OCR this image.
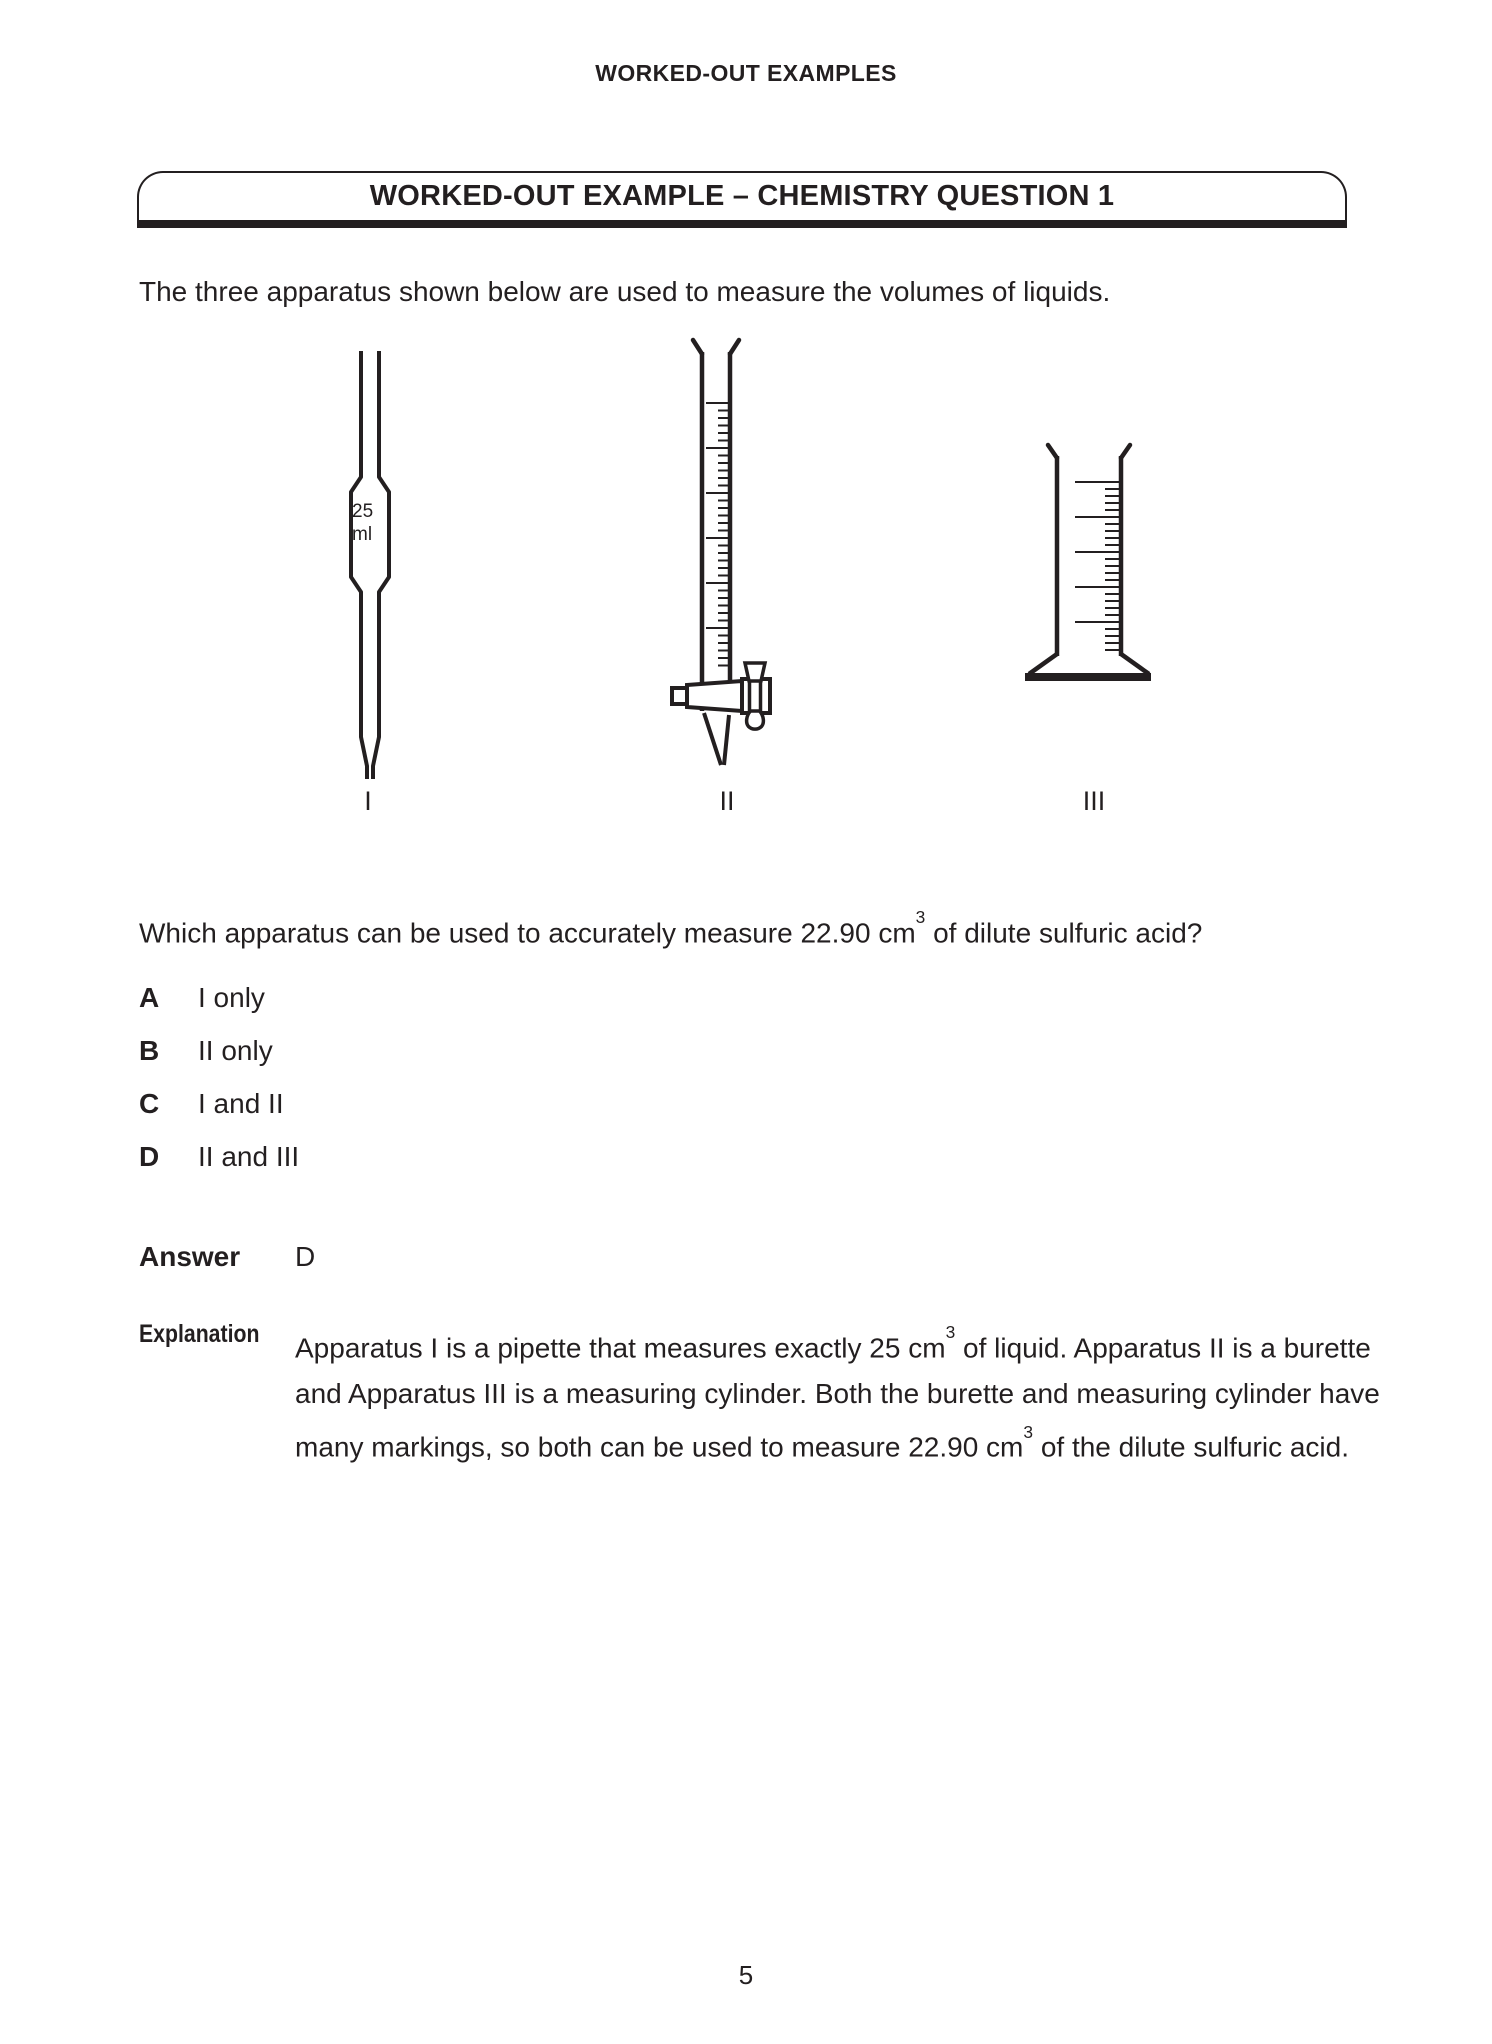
WORKED-OUT EXAMPLES
WORKED-OUT EXAMPLE – CHEMISTRY QUESTION 1
The three apparatus shown below are used to measure the volumes of liquids.
25
ml
I	II	III
Which apparatus can be used to accurately measure 22.90 $cm^3$ of dilute sulfuric acid?
A I only
B II only
C I and II
D II and III
Answer D
Explanation Apparatus I is a pipette that measures exactly 25 $cm^3$ of liquid. Apparatus II is a burette and Apparatus III is a measuring cylinder. Both the burette and measuring cylinder have many markings, so both can be used to measure 22.90 $cm^3$ of the dilute sulfuric acid.
5
